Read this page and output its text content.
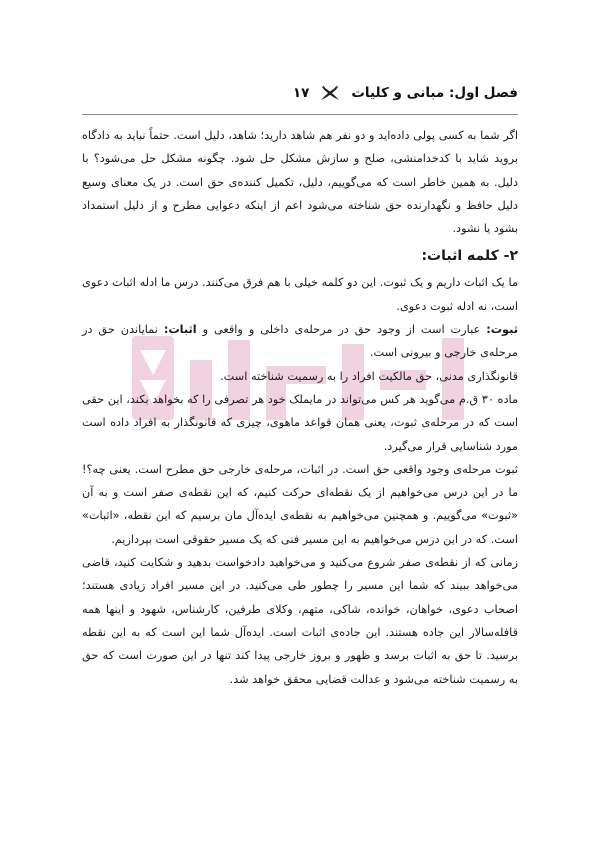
فصل اول: مبانی و کلیات
۱۷

اگر شما به کسی پولی داده‌اید و دو نفر هم شاهد دارید؛ شاهد، دلیل است. حتماً نباید به دادگاه بروید شاید با کدخدامنشی، صلح و سازش مشکل حل شود. چگونه مشکل حل می‌شود؟ با دلیل. به همین خاطر است که می‌گوییم، دلیل، تکمیل کننده‌ی حق است. در یک معنای وسیع دلیل حافظ و نگهدارنده حق شناخته می‌شود اعم از اینکه دعوایی مطرح و از دلیل استمداد بشود یا نشود.

۲- کلمه اثبات:

ما یک اثبات داریم و یک ثبوت. این دو کلمه خیلی با هم فرق می‌کنند. درس ما ادله اثبات دعوی است، نه ادله ثبوت دعوی.

ثبوت: عبارت است از وجود حق در مرحله‌ی داخلی و واقعی و اثبات: نمایاندن حق در مرحله‌ی خارجی و بیرونی است.

قانونگذاری مدنی، حق مالکیت افراد را به رسمیت شناخته است.

ماده ۳۰ ق.م می‌گوید هر کس می‌تواند در مایملک خود هر تصرفی را که بخواهد بکند، این حقی است که در مرحله‌ی ثبوت، یعنی همان قواعد ماهوی، چیزی که قانونگذار به افراد داده است مورد شناسایی قرار می‌گیرد.

ثبوت مرحله‌ی وجود واقعی حق است. در اثبات، مرحله‌ی خارجی حق مطرح است. یعنی چه؟! ما در این درس می‌خواهیم از یک نقطه‌ای حرکت کنیم، که این نقطه‌ی صفر است و به آن «ثبوت» می‌گوییم. و همچنین می‌خواهیم به نقطه‌ی ایده‌آل مان برسیم که این نقطه، «اثبات» است. که در این درس می‌خواهیم به این مسیر فنی که یک مسیر حقوقی است بپردازیم.

زمانی که از نقطه‌ی صفر شروع می‌کنید و می‌خواهید دادخواست بدهید و شکایت کنید، قاضی می‌خواهد ببیند که شما این مسیر را چطور طی می‌کنید. در این مسیر افراد زیادی هستند؛ اصحاب دعوی، خواهان، خوانده، شاکی، متهم، وکلای طرفین، کارشناس، شهود و اینها همه قافله‌سالار این جاده هستند. این جاده‌ی اثبات است. ایده‌آل شما این است که به این نقطه برسید. تا حق به اثبات برسد و ظهور و بروز خارجی پیدا کند تنها در این صورت است که حق به رسمیت شناخته می‌شود و عدالت قضایی محقق خواهد شد.
